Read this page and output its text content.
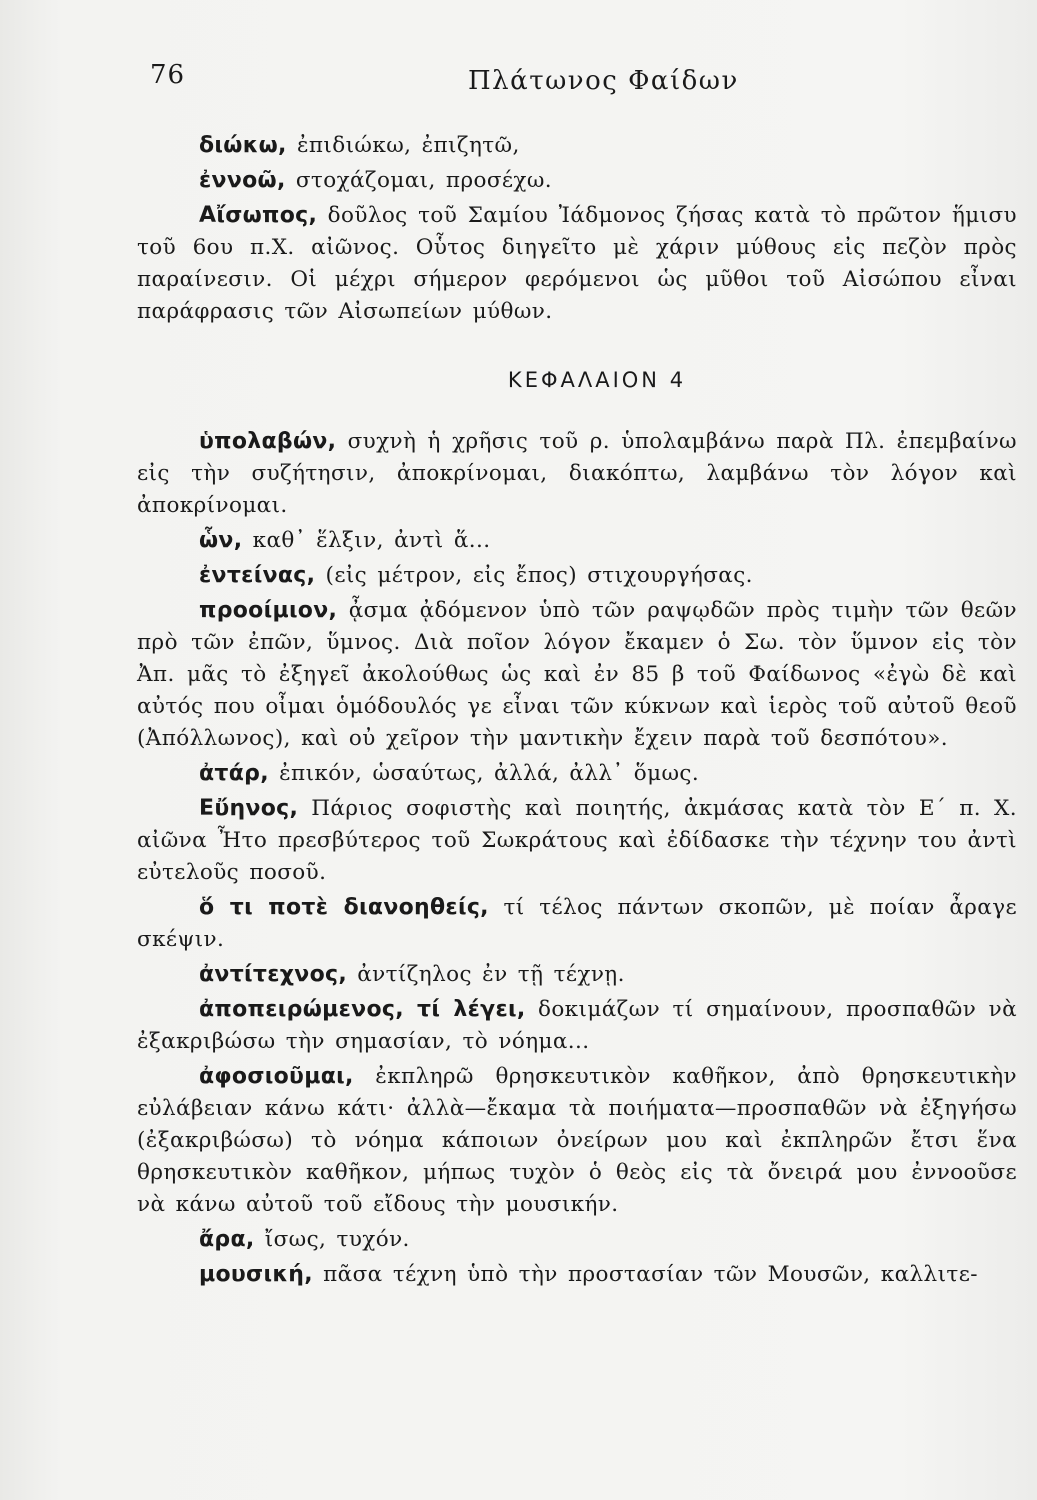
76	Πλάτωνος Φαίδων

διώκω, ἐπιδιώκω, ἐπιζητῶ,

ἐννοῶ, στοχάζομαι, προσέχω.

Αἴσωπος, δοῦλος τοῦ Σαμίου Ἰάδμονος ζήσας κατὰ τὸ πρῶτον ἥμισυ τοῦ 6ου π.Χ. αἰῶνος. Οὗτος διηγεῖτο μὲ χάριν μύθους εἰς πεζὸν πρὸς παραίνεσιν. Οἱ μέχρι σήμερον φερόμενοι ὡς μῦθοι τοῦ Αἰσώπου εἶναι παράφρασις τῶν Αἰσωπείων μύθων.

ΚΕΦΑΛΑΙΟΝ 4

ὑπολαβών, συχνὴ ἡ χρῆσις τοῦ ρ. ὑπολαμβάνω παρὰ Πλ. ἐπεμβαίνω εἰς τὴν συζήτησιν, ἀποκρίνομαι, διακόπτω, λαμβάνω τὸν λόγον καὶ ἀποκρίνομαι.

ὧν, καθ᾽ ἕλξιν, ἀντὶ ἅ...

ἐντείνας, (εἰς μέτρον, εἰς ἔπος) στιχουργήσας.

προοίμιον, ᾆσμα ᾀδόμενον ὑπὸ τῶν ραψῳδῶν πρὸς τιμὴν τῶν θεῶν πρὸ τῶν ἐπῶν, ὕμνος. Διὰ ποῖον λόγον ἔκαμεν ὁ Σω. τὸν ὕμνον εἰς τὸν Ἀπ. μᾶς τὸ ἐξηγεῖ ἀκολούθως ὡς καὶ ἐν 85 β τοῦ Φαίδωνος «ἐγὼ δὲ καὶ αὐτός που οἶμαι ὁμόδουλός γε εἶναι τῶν κύκνων καὶ ἱερὸς τοῦ αὐτοῦ θεοῦ (Ἀπόλλωνος), καὶ οὐ χεῖρον τὴν μαντικὴν ἔχειν παρὰ τοῦ δεσπότου».

ἀτάρ, ἐπικόν, ὡσαύτως, ἀλλά, ἀλλ᾽ ὅμως.

Εὔηνος, Πάριος σοφιστὴς καὶ ποιητής, ἀκμάσας κατὰ τὸν Ε΄ π. Χ. αἰῶνα Ἦτο πρεσβύτερος τοῦ Σωκράτους καὶ ἐδίδασκε τὴν τέχνην του ἀντὶ εὐτελοῦς ποσοῦ.

ὅ τι ποτὲ διανοηθείς, τί τέλος πάντων σκοπῶν, μὲ ποίαν ἆραγε σκέψιν.

ἀντίτεχνος, ἀντίζηλος ἐν τῇ τέχνῃ.

ἀποπειρώμενος, τί λέγει, δοκιμάζων τί σημαίνουν, προσπαθῶν νὰ ἐξακριβώσω τὴν σημασίαν, τὸ νόημα...

ἀφοσιοῦμαι, ἐκπληρῶ θρησκευτικὸν καθῆκον, ἀπὸ θρησκευτικὴν εὐλάβειαν κάνω κάτι· ἀλλὰ—ἔκαμα τὰ ποιήματα—προσπαθῶν νὰ ἐξηγήσω (ἐξακριβώσω) τὸ νόημα κάποιων ὀνείρων μου καὶ ἐκπληρῶν ἔτσι ἕνα θρησκευτικὸν καθῆκον, μήπως τυχὸν ὁ θεὸς εἰς τὰ ὄνειρά μου ἐννοοῦσε νὰ κάνω αὐτοῦ τοῦ εἴδους τὴν μουσικήν.

ἄρα, ἴσως, τυχόν.

μουσική, πᾶσα τέχνη ὑπὸ τὴν προστασίαν τῶν Μουσῶν, καλλιτε-
